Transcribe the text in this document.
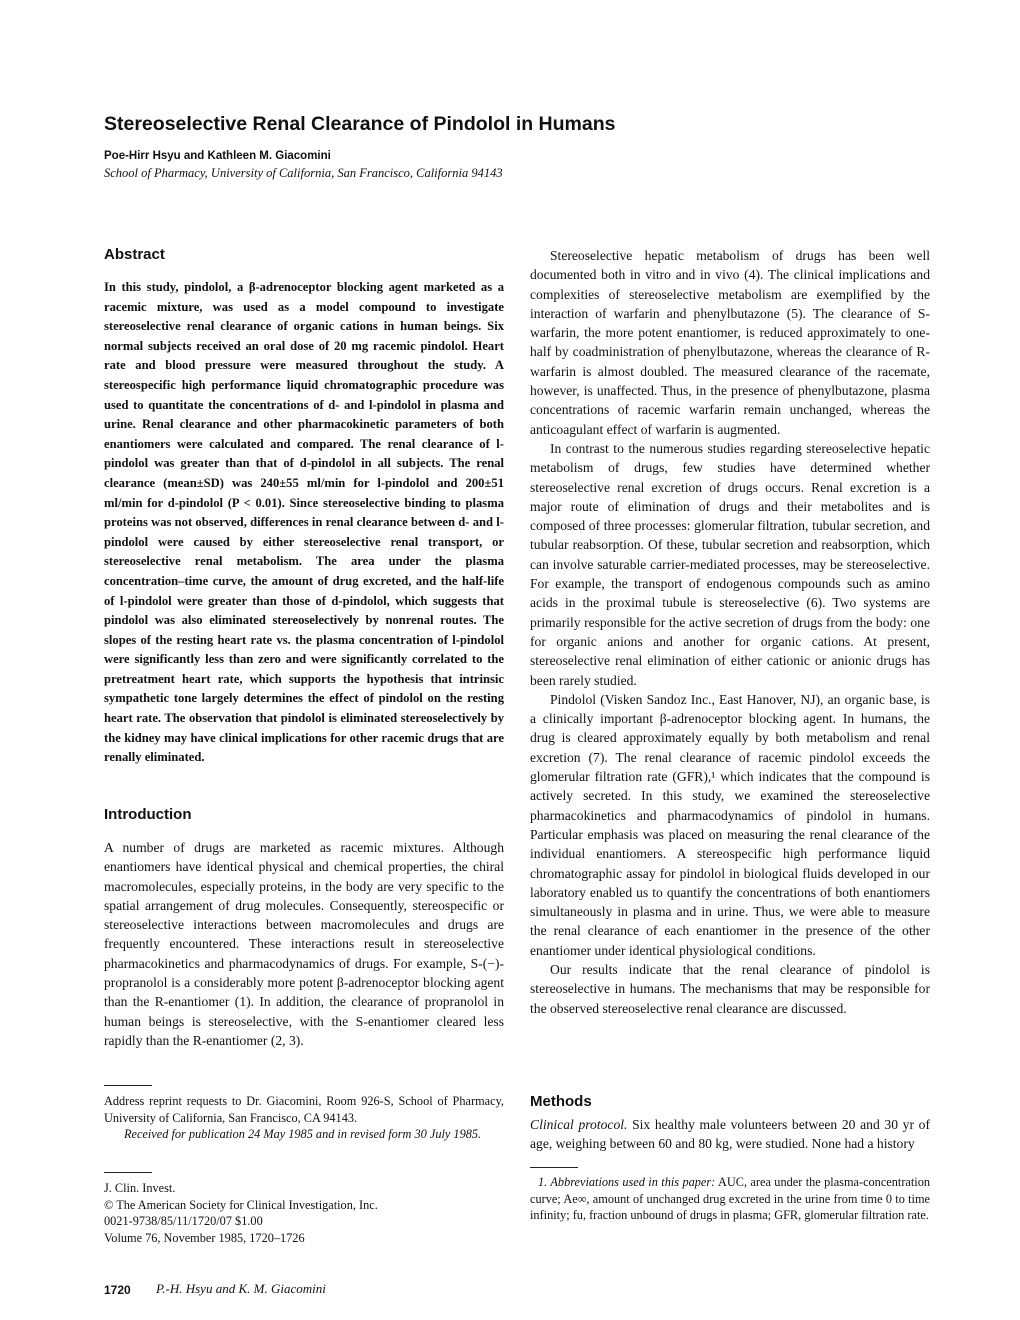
Stereoselective Renal Clearance of Pindolol in Humans
Poe-Hirr Hsyu and Kathleen M. Giacomini
School of Pharmacy, University of California, San Francisco, California 94143
Abstract

In this study, pindolol, a β-adrenoceptor blocking agent marketed as a racemic mixture, was used as a model compound to investigate stereoselective renal clearance of organic cations in human beings. Six normal subjects received an oral dose of 20 mg racemic pindolol. Heart rate and blood pressure were measured throughout the study. A stereospecific high performance liquid chromatographic procedure was used to quantitate the concentrations of d- and l-pindolol in plasma and urine. Renal clearance and other pharmacokinetic parameters of both enantiomers were calculated and compared. The renal clearance of l-pindolol was greater than that of d-pindolol in all subjects. The renal clearance (mean±SD) was 240±55 ml/min for l-pindolol and 200±51 ml/min for d-pindolol (P < 0.01). Since stereoselective binding to plasma proteins was not observed, differences in renal clearance between d- and l-pindolol were caused by either stereoselective renal transport, or stereoselective renal metabolism. The area under the plasma concentration–time curve, the amount of drug excreted, and the half-life of l-pindolol were greater than those of d-pindolol, which suggests that pindolol was also eliminated stereoselectively by nonrenal routes. The slopes of the resting heart rate vs. the plasma concentration of l-pindolol were significantly less than zero and were significantly correlated to the pretreatment heart rate, which supports the hypothesis that intrinsic sympathetic tone largely determines the effect of pindolol on the resting heart rate. The observation that pindolol is eliminated stereoselectively by the kidney may have clinical implications for other racemic drugs that are renally eliminated.

Introduction

A number of drugs are marketed as racemic mixtures. Although enantiomers have identical physical and chemical properties, the chiral macromolecules, especially proteins, in the body are very specific to the spatial arrangement of drug molecules. Consequently, stereospecific or stereoselective interactions between macromolecules and drugs are frequently encountered. These interactions result in stereoselective pharmacokinetics and pharmacodynamics of drugs. For example, S-(−)-propranolol is a considerably more potent β-adrenoceptor blocking agent than the R-enantiomer (1). In addition, the clearance of propranolol in human beings is stereoselective, with the S-enantiomer cleared less rapidly than the R-enantiomer (2, 3).

Address reprint requests to Dr. Giacomini, Room 926-S, School of Pharmacy, University of California, San Francisco, CA 94143.

Received for publication 24 May 1985 and in revised form 30 July 1985.

J. Clin. Invest.

© The American Society for Clinical Investigation, Inc.

0021-9738/85/11/1720/07 $1.00

Volume 76, November 1985, 1720–1726

Stereoselective hepatic metabolism of drugs has been well documented both in vitro and in vivo (4). The clinical implications and complexities of stereoselective metabolism are exemplified by the interaction of warfarin and phenylbutazone (5). The clearance of S-warfarin, the more potent enantiomer, is reduced approximately to one-half by coadministration of phenylbutazone, whereas the clearance of R-warfarin is almost doubled. The measured clearance of the racemate, however, is unaffected. Thus, in the presence of phenylbutazone, plasma concentrations of racemic warfarin remain unchanged, whereas the anticoagulant effect of warfarin is augmented.

In contrast to the numerous studies regarding stereoselective hepatic metabolism of drugs, few studies have determined whether stereoselective renal excretion of drugs occurs. Renal excretion is a major route of elimination of drugs and their metabolites and is composed of three processes: glomerular filtration, tubular secretion, and tubular reabsorption. Of these, tubular secretion and reabsorption, which can involve saturable carrier-mediated processes, may be stereoselective. For example, the transport of endogenous compounds such as amino acids in the proximal tubule is stereoselective (6). Two systems are primarily responsible for the active secretion of drugs from the body: one for organic anions and another for organic cations. At present, stereoselective renal elimination of either cationic or anionic drugs has been rarely studied.

Pindolol (Visken Sandoz Inc., East Hanover, NJ), an organic base, is a clinically important β-adrenoceptor blocking agent. In humans, the drug is cleared approximately equally by both metabolism and renal excretion (7). The renal clearance of racemic pindolol exceeds the glomerular filtration rate (GFR),¹ which indicates that the compound is actively secreted. In this study, we examined the stereoselective pharmacokinetics and pharmacodynamics of pindolol in humans. Particular emphasis was placed on measuring the renal clearance of the individual enantiomers. A stereospecific high performance liquid chromatographic assay for pindolol in biological fluids developed in our laboratory enabled us to quantify the concentrations of both enantiomers simultaneously in plasma and in urine. Thus, we were able to measure the renal clearance of each enantiomer in the presence of the other enantiomer under identical physiological conditions.

Our results indicate that the renal clearance of pindolol is stereoselective in humans. The mechanisms that may be responsible for the observed stereoselective renal clearance are discussed.

Methods

Clinical protocol. Six healthy male volunteers between 20 and 30 yr of age, weighing between 60 and 80 kg, were studied. None had a history

1. Abbreviations used in this paper: AUC, area under the plasma-concentration curve; Ae∞, amount of unchanged drug excreted in the urine from time 0 to time infinity; fu, fraction unbound of drugs in plasma; GFR, glomerular filtration rate.

1720 P.-H. Hsyu and K. M. Giacomini
